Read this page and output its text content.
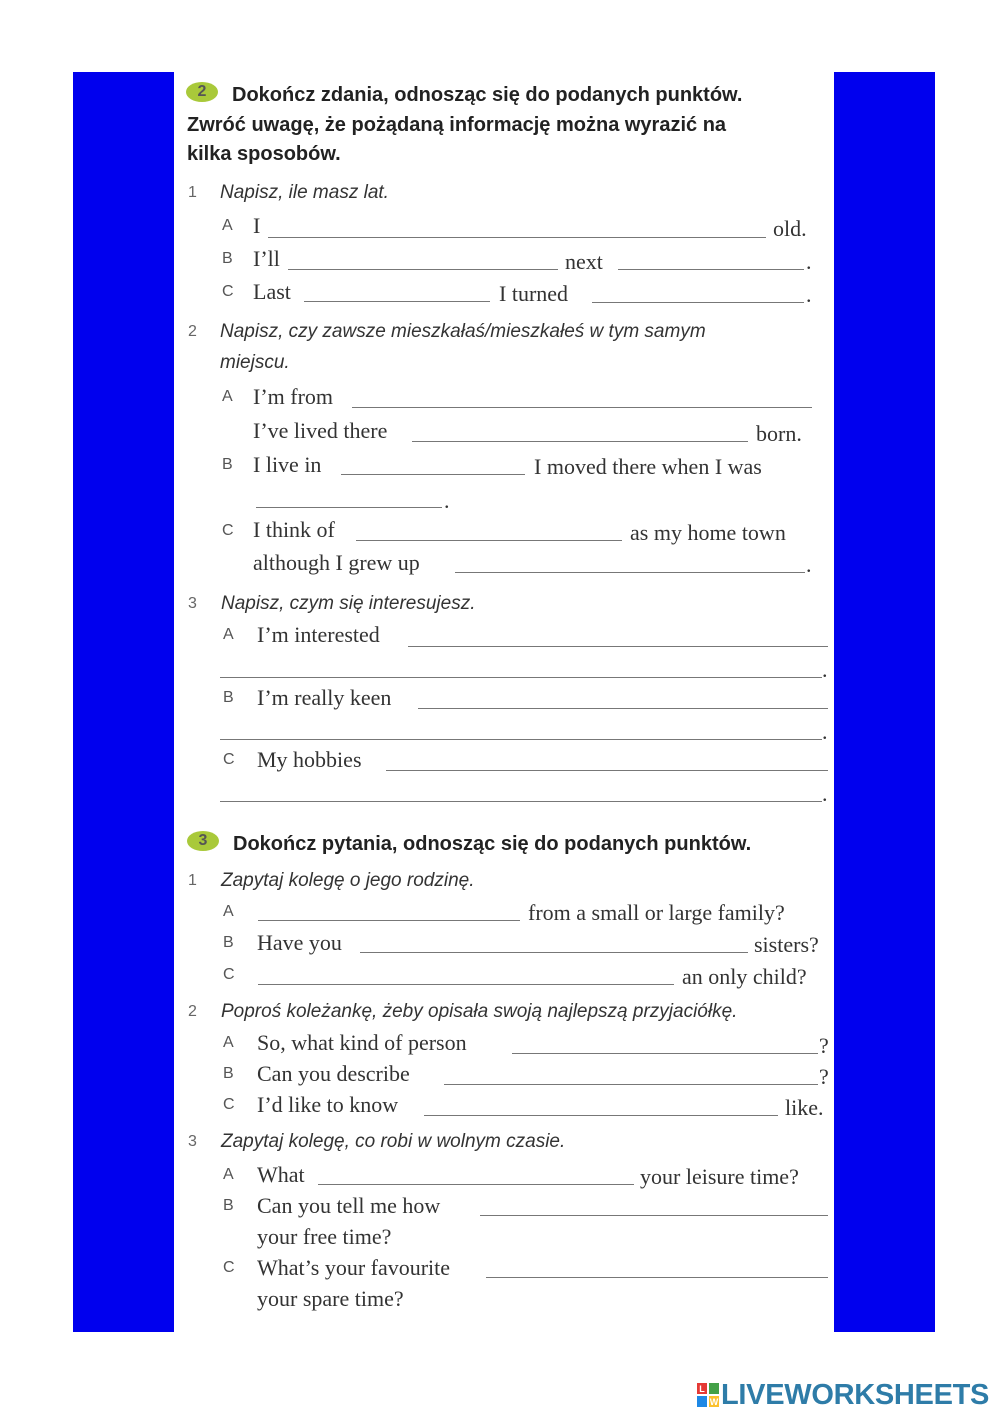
2	Dokończ zdania, odnosząc się do podanych punktów.
Zwróć uwagę, że pożądaną informację można wyrazić na
kilka sposobów.
1 Napisz, ile masz lat.
A I	old.
B I’ll	next	.
C Last	I turned	.
2 Napisz, czy zawsze mieszkałaś/mieszkałeś w tym samym
miejscu.
A I’m from
I’ve lived there	born.
B I live in	I moved there when I was
.
C I think of	as my home town
although I grew up	.
3 Napisz, czym się interesujesz.
A I’m interested
.
B I’m really keen
.
C My hobbies
.
3	Dokończ pytania, odnosząc się do podanych punktów.
1 Zapytaj kolegę o jego rodzinę.
A	from a small or large family?
B Have you	sisters?
C	an only child?
2 Poproś koleżankę, żeby opisała swoją najlepszą przyjaciółkę.
A So, what kind of person	?
B Can you describe	?
C I’d like to know	like.
3 Zapytaj kolegę, co robi w wolnym czasie.
A What	your leisure time?
B Can you tell me how
your free time?
C What’s your favourite
your spare time?
L
W LIVEWORKSHEETS
